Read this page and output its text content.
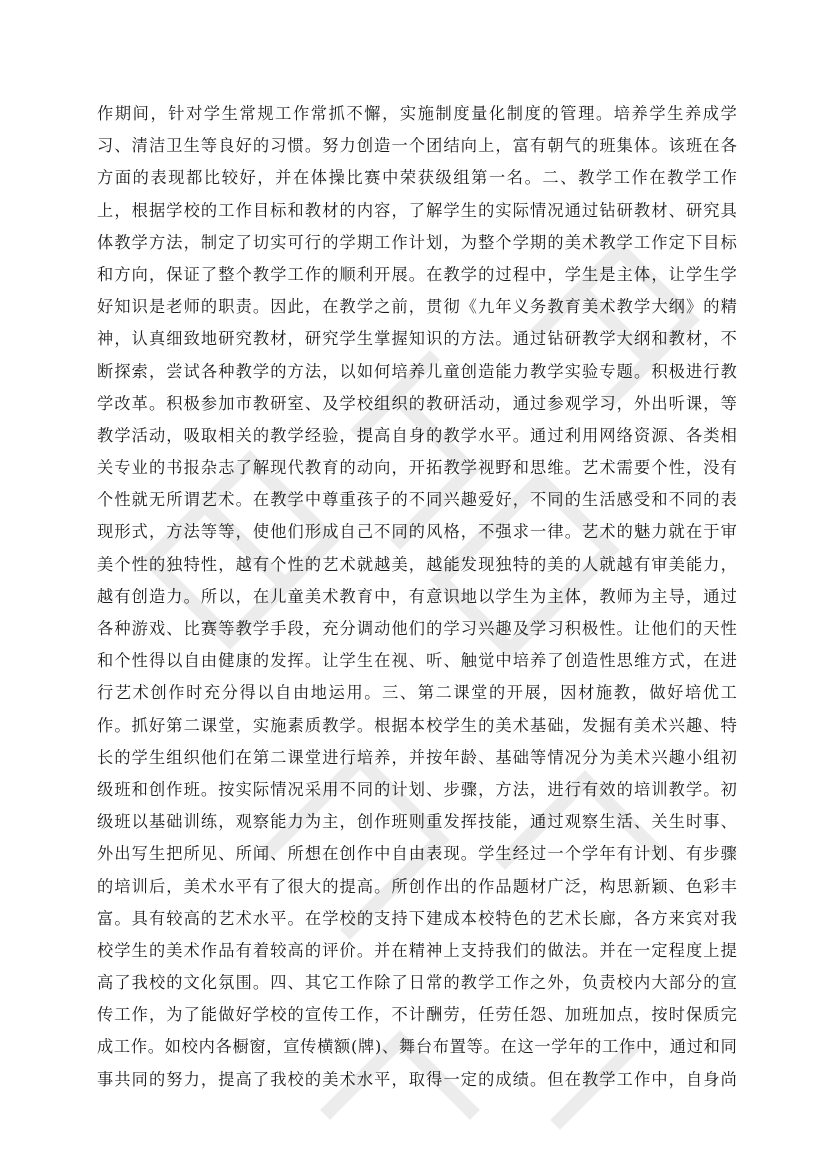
作期间，针对学生常规工作常抓不懈，实施制度量化制度的管理。培养学生养成学
习、清洁卫生等良好的习惯。努力创造一个团结向上，富有朝气的班集体。该班在各
方面的表现都比较好，并在体操比赛中荣获级组第一名。二、教学工作在教学工作
上，根据学校的工作目标和教材的内容，了解学生的实际情况通过钻研教材、研究具
体教学方法，制定了切实可行的学期工作计划，为整个学期的美术教学工作定下目标
和方向，保证了整个教学工作的顺利开展。在教学的过程中，学生是主体，让学生学
好知识是老师的职责。因此，在教学之前，贯彻《九年义务教育美术教学大纲》的精
神，认真细致地研究教材，研究学生掌握知识的方法。通过钻研教学大纲和教材，不
断探索，尝试各种教学的方法，以如何培养儿童创造能力教学实验专题。积极进行教
学改革。积极参加市教研室、及学校组织的教研活动，通过参观学习，外出听课，等
教学活动，吸取相关的教学经验，提高自身的教学水平。通过利用网络资源、各类相
关专业的书报杂志了解现代教育的动向，开拓教学视野和思维。艺术需要个性，没有
个性就无所谓艺术。在教学中尊重孩子的不同兴趣爱好，不同的生活感受和不同的表
现形式，方法等等，使他们形成自己不同的风格，不强求一律。艺术的魅力就在于审
美个性的独特性，越有个性的艺术就越美，越能发现独特的美的人就越有审美能力，
越有创造力。所以，在儿童美术教育中，有意识地以学生为主体，教师为主导，通过
各种游戏、比赛等教学手段，充分调动他们的学习兴趣及学习积极性。让他们的天性
和个性得以自由健康的发挥。让学生在视、听、触觉中培养了创造性思维方式，在进
行艺术创作时充分得以自由地运用。三、第二课堂的开展，因材施教，做好培优工
作。抓好第二课堂，实施素质教学。根据本校学生的美术基础，发掘有美术兴趣、特
长的学生组织他们在第二课堂进行培养，并按年龄、基础等情况分为美术兴趣小组初
级班和创作班。按实际情况采用不同的计划、步骤，方法，进行有效的培训教学。初
级班以基础训练，观察能力为主，创作班则重发挥技能，通过观察生活、关生时事、
外出写生把所见、所闻、所想在创作中自由表现。学生经过一个学年有计划、有步骤
的培训后，美术水平有了很大的提高。所创作出的作品题材广泛，构思新颖、色彩丰
富。具有较高的艺术水平。在学校的支持下建成本校特色的艺术长廊，各方来宾对我
校学生的美术作品有着较高的评价。并在精神上支持我们的做法。并在一定程度上提
高了我校的文化氛围。四、其它工作除了日常的教学工作之外，负责校内大部分的宣
传工作，为了能做好学校的宣传工作，不计酬劳，任劳任怨、加班加点，按时保质完
成工作。如校内各橱窗，宣传横额(牌)、舞台布置等。在这一学年的工作中，通过和同
事共同的努力，提高了我校的美术水平，取得一定的成绩。但在教学工作中，自身尚
